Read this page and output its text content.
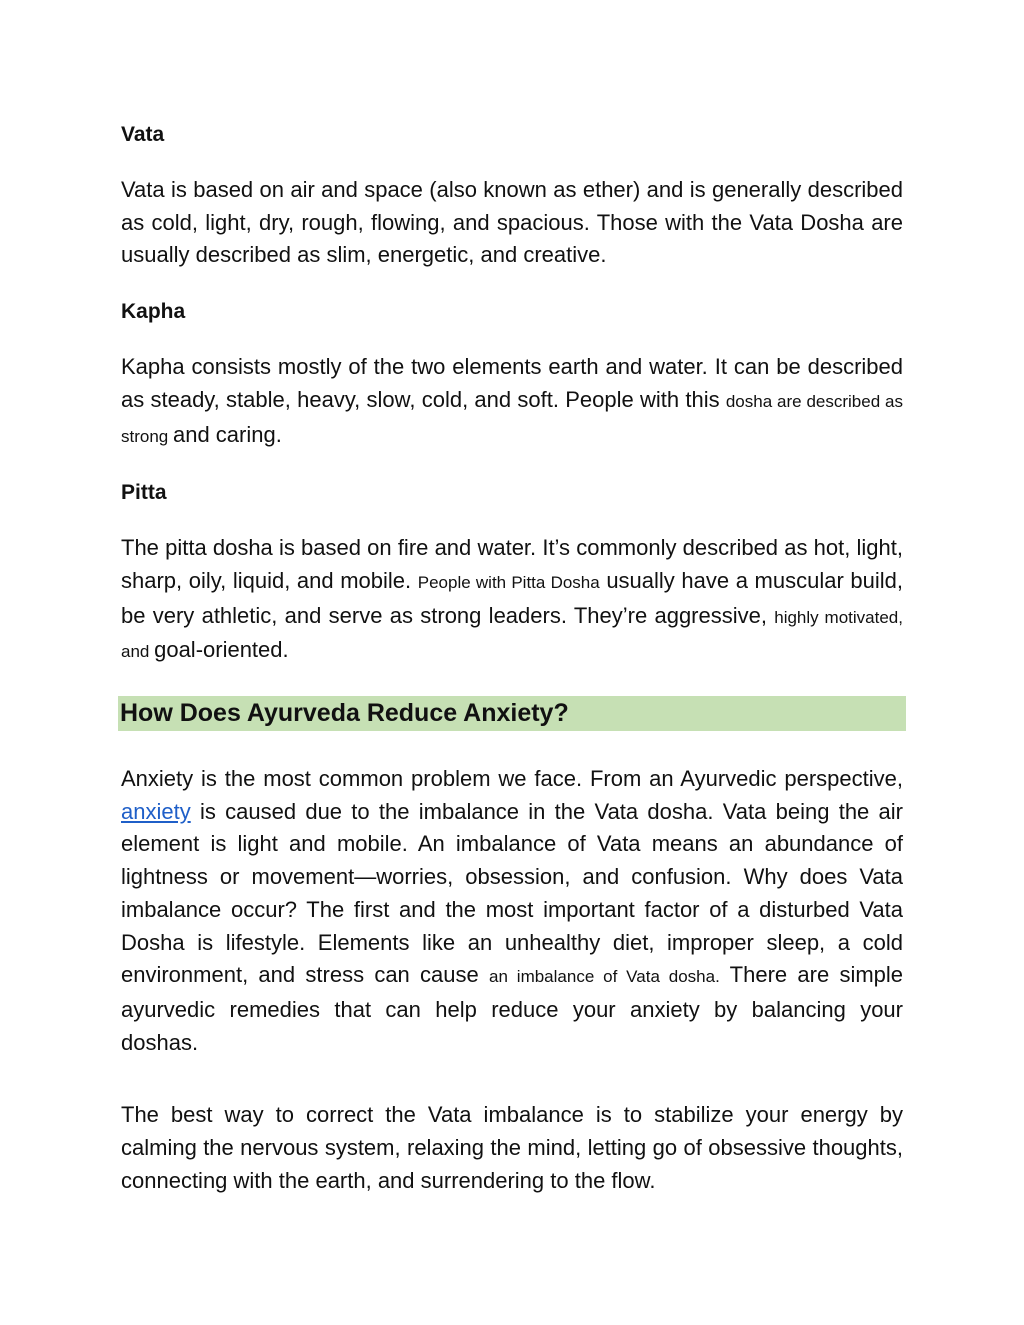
Vata

Vata is based on air and space (also known as ether) and is generally described as cold, light, dry, rough, flowing, and spacious. Those with the Vata Dosha are usually described as slim, energetic, and creative.

Kapha

Kapha consists mostly of the two elements earth and water. It can be described as steady, stable, heavy, slow, cold, and soft. People with this dosha are described as strong and caring.

Pitta

The pitta dosha is based on fire and water. It’s commonly described as hot, light, sharp, oily, liquid, and mobile. People with Pitta Dosha usually have a muscular build, be very athletic, and serve as strong leaders. They’re aggressive, highly motivated, and goal-oriented.

How Does Ayurveda Reduce Anxiety?

Anxiety is the most common problem we face. From an Ayurvedic perspective, anxiety is caused due to the imbalance in the Vata dosha. Vata being the air element is light and mobile. An imbalance of Vata means an abundance of lightness or movement—worries, obsession, and confusion. Why does Vata imbalance occur? The first and the most important factor of a disturbed Vata Dosha is lifestyle. Elements like an unhealthy diet, improper sleep, a cold environment, and stress can cause an imbalance of Vata dosha. There are simple ayurvedic remedies that can help reduce your anxiety by balancing your doshas.

The best way to correct the Vata imbalance is to stabilize your energy by calming the nervous system, relaxing the mind, letting go of obsessive thoughts, connecting with the earth, and surrendering to the flow.
